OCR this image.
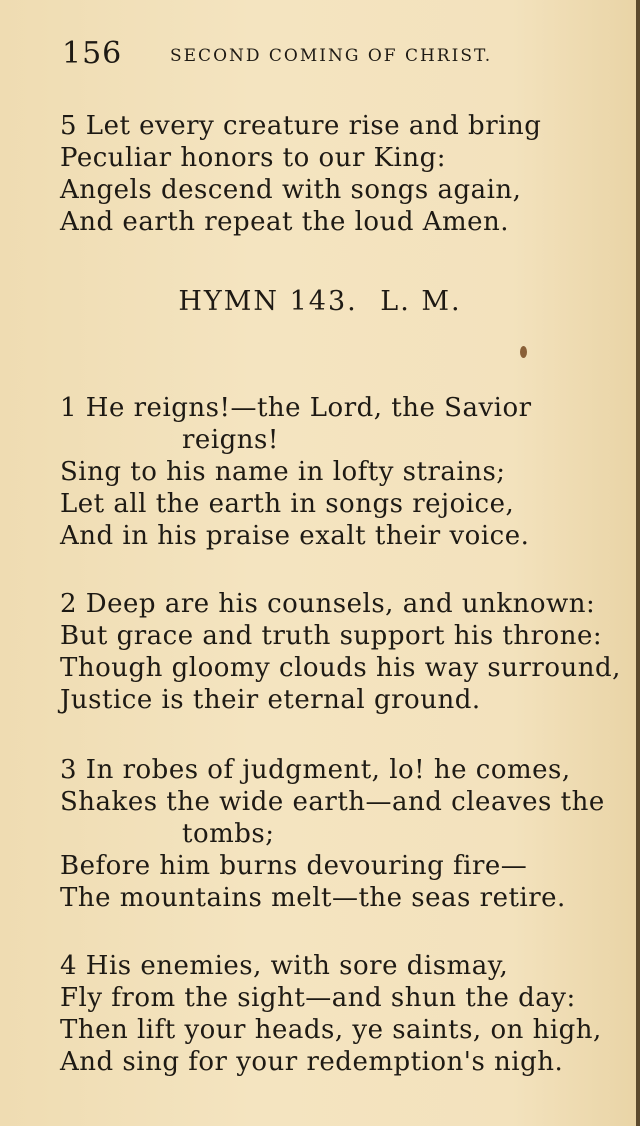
156	SECOND COMING OF CHRIST.
5 Let every creature rise and bring
Peculiar honors to our King:
Angels descend with songs again,
And earth repeat the loud Amen.
HYMN 143. L. M.
1 He reigns!—the Lord, the Savior
reigns!
Sing to his name in lofty strains;
Let all the earth in songs rejoice,
And in his praise exalt their voice.
2 Deep are his counsels, and unknown:
But grace and truth support his throne:
Though gloomy clouds his way surround,
Justice is their eternal ground.
3 In robes of judgment, lo! he comes,
Shakes the wide earth—and cleaves the
tombs;
Before him burns devouring fire—
The mountains melt—the seas retire.
4 His enemies, with sore dismay,
Fly from the sight—and shun the day:
Then lift your heads, ye saints, on high,
And sing for your redemption's nigh.
